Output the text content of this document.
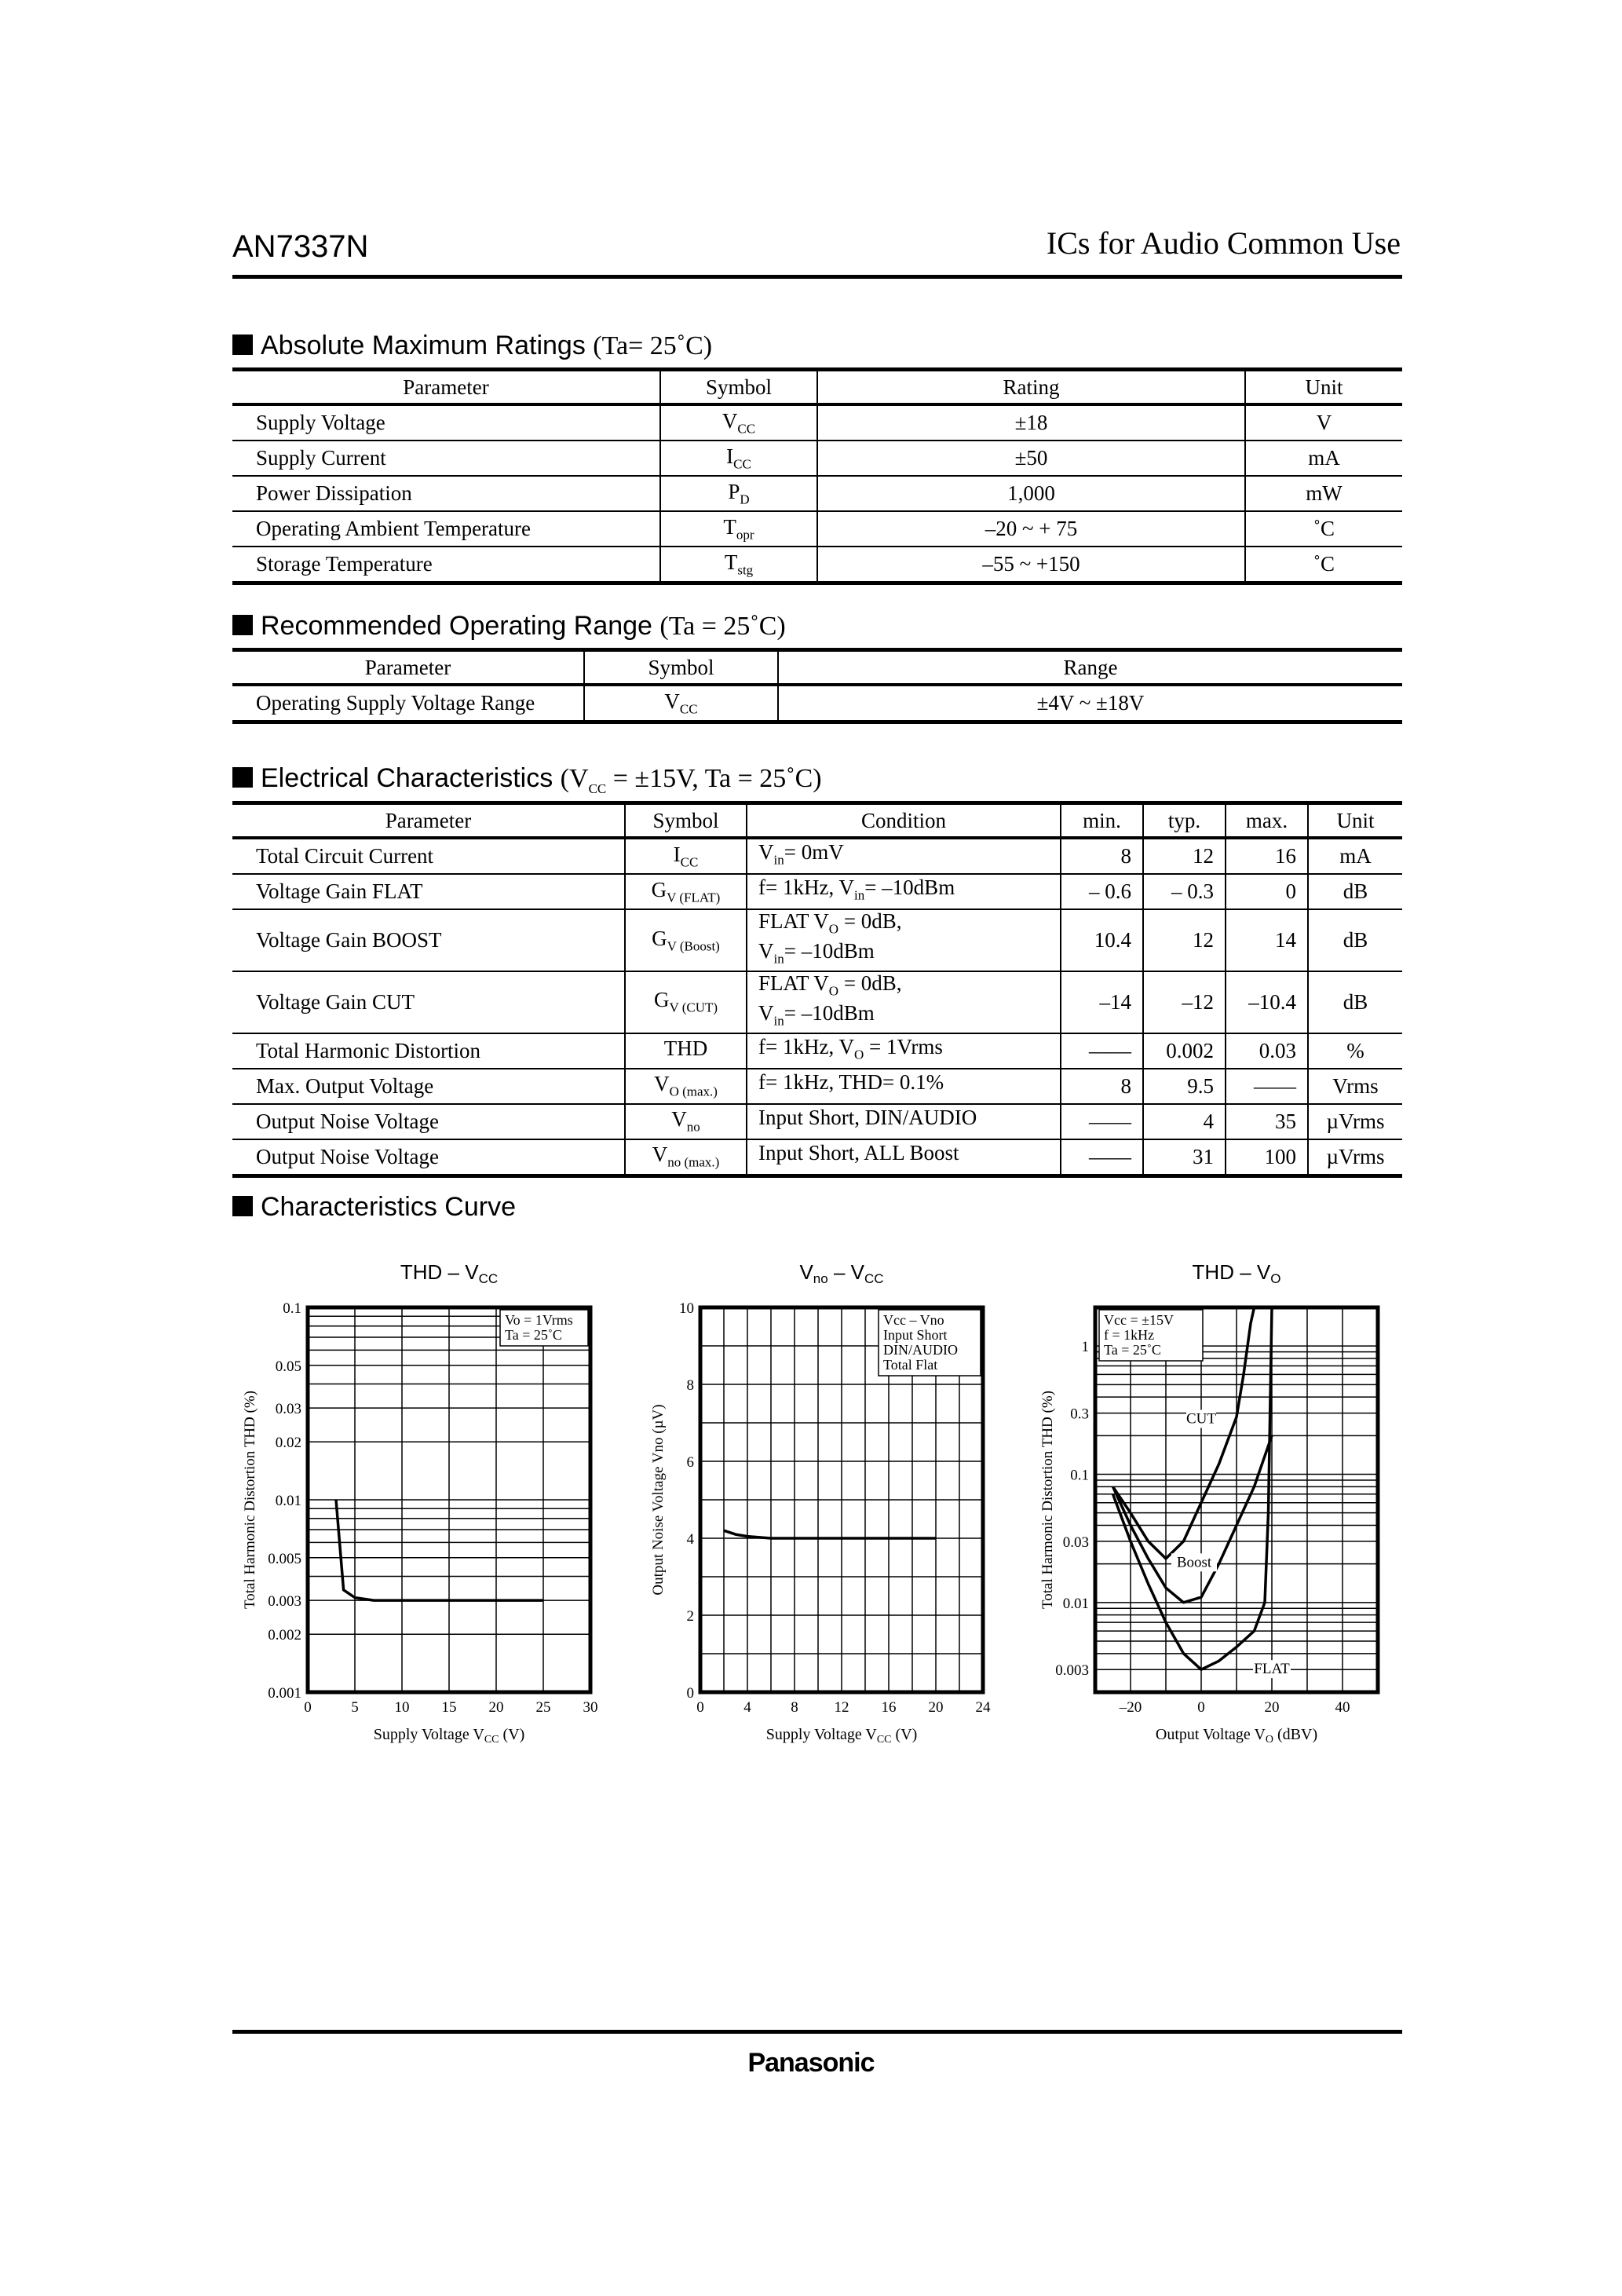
AN7337N	ICs for Audio Common Use
Absolute Maximum Ratings (Ta= 25˚C)
Parameter	Symbol	Rating	Unit
Supply Voltage	$V_{CC}$	±18	V
Supply Current	$I_{CC}$	±50	mA
Power Dissipation	$P_D$	1,000	mW
Operating Ambient Temperature	$T_{opr}$	–20 ~ + 75	˚C
Storage Temperature	$T_{stg}$	–55 ~ +150	˚C
Recommended Operating Range (Ta = 25˚C)
Parameter	Symbol	Range
Operating Supply Voltage Range	$V_{CC}$	±4V ~ ±18V
Electrical Characteristics ($V_{CC} = \pm 15V$, Ta = 25˚C)
Parameter	Symbol	Condition	min.	typ.	max.	Unit
Total Circuit Current	$I_{CC}$	$V_{in}= 0mV$	8	12	16	mA
Voltage Gain FLAT	$G_{V (FLAT)}$	f= 1kHz, $V_{in}= -10dBm$	– 0.6	– 0.3	0	dB
Voltage Gain BOOST	$G_{V (Boost)}$	FLAT $V_O = 0dB$,
$V_{in}= -10dBm$	10.4	12	14	dB
Voltage Gain CUT	$G_{V (CUT)}$	FLAT $V_O = 0dB$,
$V_{in}= -10dBm$	–14	–12	–10.4	dB
Total Harmonic Distortion	THD	f= 1kHz, $V_O$ = 1Vrms	——	0.002	0.03	%
Max. Output Voltage	$V_{O (max.)}$	f= 1kHz, THD= 0.1%	8	9.5	——	Vrms
Output Noise Voltage	$V_{no}$	Input Short, DIN/AUDIO	——	4	35	µVrms
Output Noise Voltage	$V_{no (max.)}$	Input Short, ALL Boost	——	31	100	µVrms
Characteristics Curve
THD – VCC
0.1
0.05
0.03
0.02
0.01
0.005
0.003
0.002
0.001
0	5 10 15 20 25 30
Supply Voltage $V_{CC}$ (V)
Total Harmonic Distortion THD (%)
Vo = 1Vrms
Ta = 25˚C
Vno – VCC
10
8
6
4
2
0
0	4	8 12 16 20 24
Supply Voltage $V_{CC}$ (V)
Output Noise Voltage Vno (µV)
Vcc – Vno
Input Short
DIN/AUDIO
Total Flat
THD – VO
1
0.3
0.1
0.03
0.01
0.003
–20	0	20	40
Output Voltage $V_O$ (dBV)
Total Harmonic Distortion THD (%)
Vcc = ±15V
f = 1kHz
Ta = 25˚C
CUT
Boost
FLAT
Panasonic
